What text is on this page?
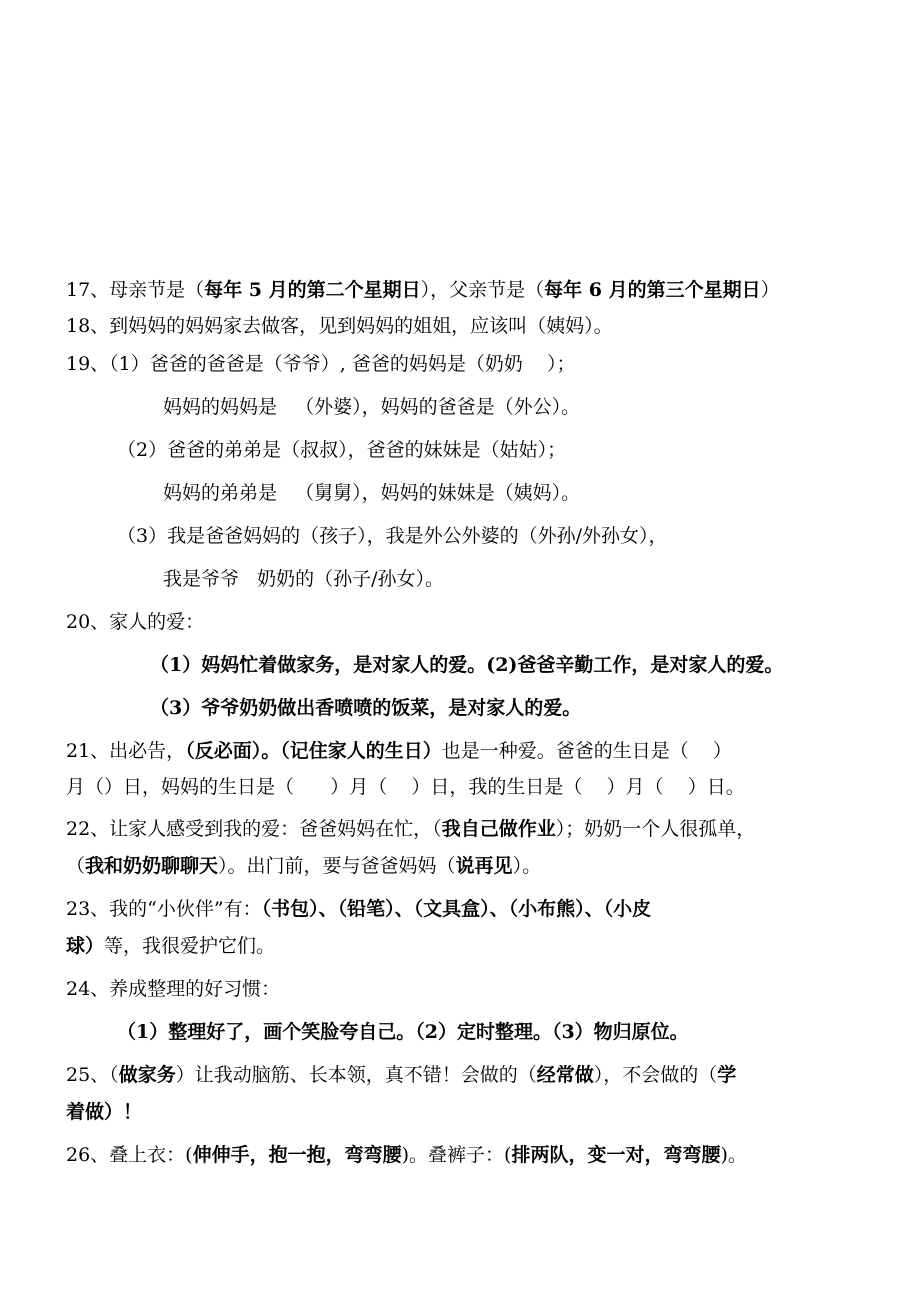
17、母亲节是（每年 5 月的第二个星期日），父亲节是（每年 6 月的第三个星期日）
18、到妈妈的妈妈家去做客，见到妈妈的姐姐，应该叫（姨妈）。
19、（1）爸爸的爸爸是（爷爷）, 爸爸的妈妈是（奶奶    ）；
妈妈的妈妈是   （外婆），妈妈的爸爸是（外公）。
（2）爸爸的弟弟是（叔叔），爸爸的妹妹是（姑姑）；
妈妈的弟弟是   （舅舅），妈妈的妹妹是（姨妈）。
（3）我是爸爸妈妈的（孩子），我是外公外婆的（外孙/外孙女），
我是爷爷   奶奶的（孙子/孙女）。
20、家人的爱：
（1）妈妈忙着做家务，是对家人的爱。(2)爸爸辛勤工作，是对家人的爱。
（3）爷爷奶奶做出香喷喷的饭菜，是对家人的爱。
21、出必告，（反必面）。（记住家人的生日）也是一种爱。爸爸的生日是（    ）
月（）日，妈妈的生日是（      ）月（    ）日，我的生日是（    ）月（    ）日。
22、让家人感受到我的爱：爸爸妈妈在忙，（我自己做作业）；奶奶一个人很孤单，
（我和奶奶聊聊天）。出门前，要与爸爸妈妈（说再见）。
23、我的“小伙伴”有：（书包）、（铅笔）、（文具盒）、（小布熊）、（小皮
球）等，我很爱护它们。
24、养成整理的好习惯：
（1）整理好了，画个笑脸夸自己。（2）定时整理。（3）物归原位。
25、（做家务）让我动脑筋、长本领，真不错！会做的（经常做），不会做的（学
着做）！
26、叠上衣：(伸伸手，抱一抱，弯弯腰)。叠裤子：(排两队，变一对，弯弯腰)。
